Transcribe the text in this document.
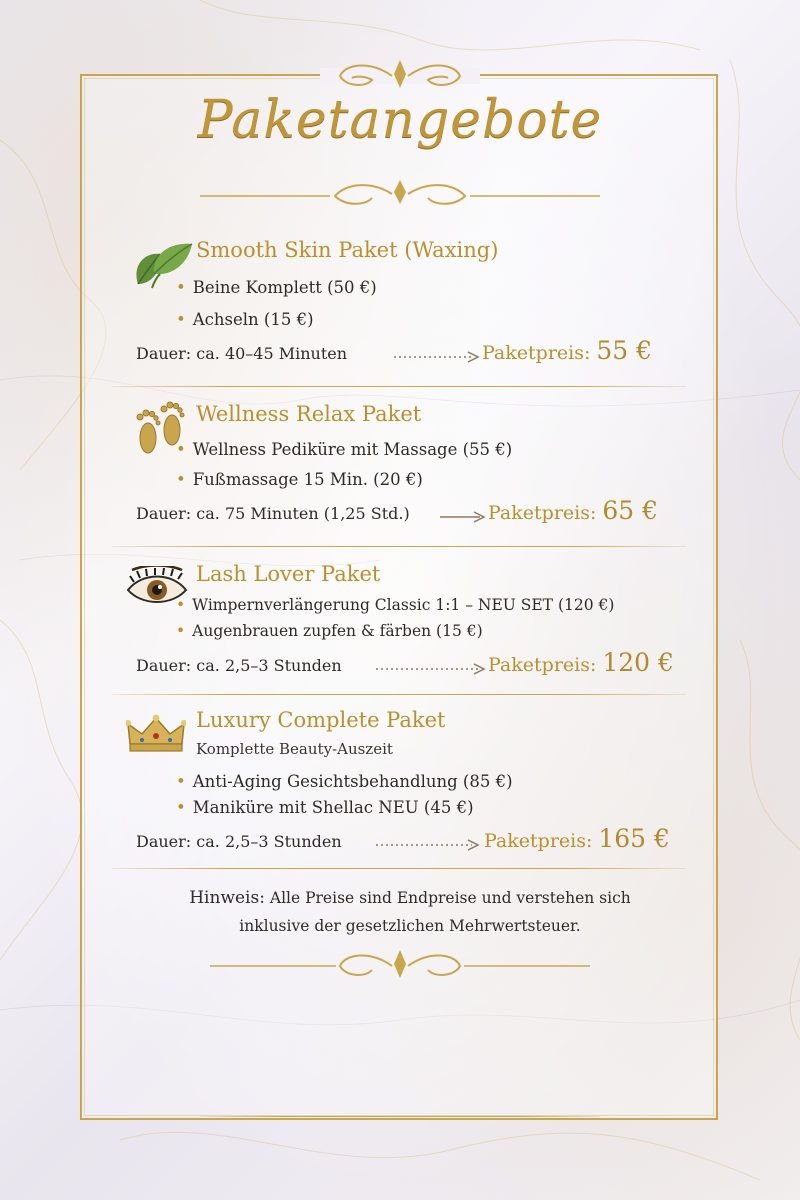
Paketangebote
Smooth Skin Paket (Waxing)
• Beine Komplett (50 €)
• Achseln (15 €)
Dauer: ca. 40–45 Minuten	Paketpreis: 55 €
Wellness Relax Paket
• Wellness Pediküre mit Massage (55 €)
• Fußmassage 15 Min. (20 €)
Dauer: ca. 75 Minuten (1,25 Std.)	Paketpreis: 65 €
Lash Lover Paket
• Wimpernverlängerung Classic 1:1 – NEU SET (120 €)
• Augenbrauen zupfen & färben (15 €)
Dauer: ca. 2,5–3 Stunden	Paketpreis: 120 €
Luxury Complete Paket
Komplette Beauty-Auszeit
• Anti-Aging Gesichtsbehandlung (85 €)
• Maniküre mit Shellac NEU (45 €)
Dauer: ca. 2,5–3 Stunden	Paketpreis: 165 €
Hinweis: Alle Preise sind Endpreise und verstehen sich
inklusive der gesetzlichen Mehrwertsteuer.
